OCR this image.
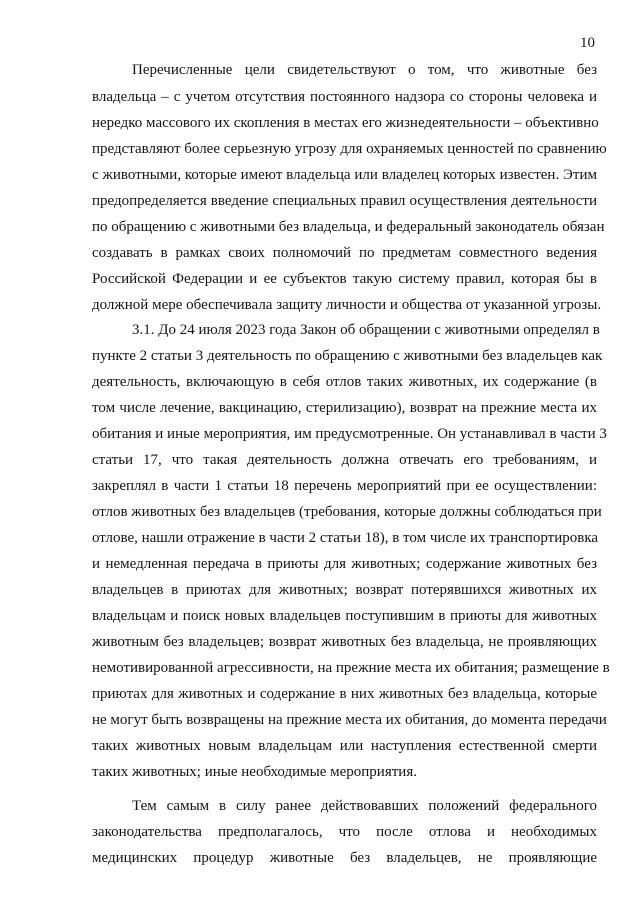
10
Перечисленные цели свидетельствуют о том, что животные без
владельца – с учетом отсутствия постоянного надзора со стороны человека и
нередко массового их скопления в местах его жизнедеятельности – объективно
представляют более серьезную угрозу для охраняемых ценностей по сравнению
с животными, которые имеют владельца или владелец которых известен. Этим
предопределяется введение специальных правил осуществления деятельности
по обращению с животными без владельца, и федеральный законодатель обязан
создавать в рамках своих полномочий по предметам совместного ведения
Российской Федерации и ее субъектов такую систему правил, которая бы в
должной мере обеспечивала защиту личности и общества от указанной угрозы.
3.1. До 24 июля 2023 года Закон об обращении с животными определял в
пункте 2 статьи 3 деятельность по обращению с животными без владельцев как
деятельность, включающую в себя отлов таких животных, их содержание (в
том числе лечение, вакцинацию, стерилизацию), возврат на прежние места их
обитания и иные мероприятия, им предусмотренные. Он устанавливал в части 3
статьи 17, что такая деятельность должна отвечать его требованиям, и
закреплял в части 1 статьи 18 перечень мероприятий при ее осуществлении:
отлов животных без владельцев (требования, которые должны соблюдаться при
отлове, нашли отражение в части 2 статьи 18), в том числе их транспортировка
и немедленная передача в приюты для животных; содержание животных без
владельцев в приютах для животных; возврат потерявшихся животных их
владельцам и поиск новых владельцев поступившим в приюты для животных
животным без владельцев; возврат животных без владельца, не проявляющих
немотивированной агрессивности, на прежние места их обитания; размещение в
приютах для животных и содержание в них животных без владельца, которые
не могут быть возвращены на прежние места их обитания, до момента передачи
таких животных новым владельцам или наступления естественной смерти
таких животных; иные необходимые мероприятия.
Тем самым в силу ранее действовавших положений федерального
законодательства предполагалось, что после отлова и необходимых
медицинских процедур животные без владельцев, не проявляющие
